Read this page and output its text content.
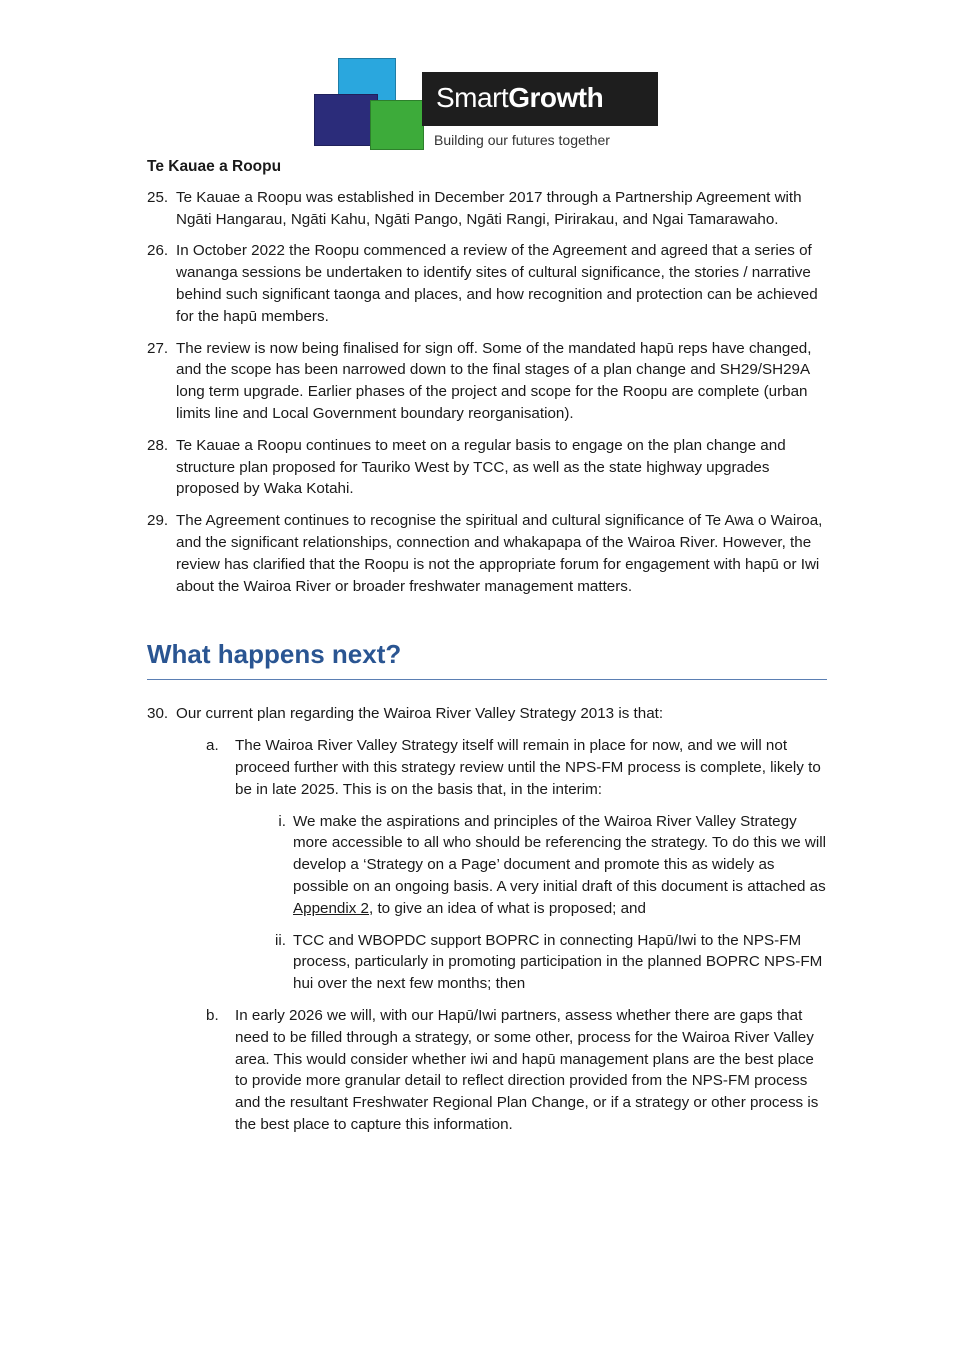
SmartGrowth
Building our futures together
Te Kauae a Roopu
25. Te Kauae a Roopu was established in December 2017 through a Partnership Agreement with Ngāti Hangarau, Ngāti Kahu, Ngāti Pango, Ngāti Rangi, Pirirakau, and Ngai Tamarawaho.
26. In October 2022 the Roopu commenced a review of the Agreement and agreed that a series of wananga sessions be undertaken to identify sites of cultural significance, the stories / narrative behind such significant taonga and places, and how recognition and protection can be achieved for the hapū members.
27. The review is now being finalised for sign off. Some of the mandated hapū reps have changed, and the scope has been narrowed down to the final stages of a plan change and SH29/SH29A long term upgrade. Earlier phases of the project and scope for the Roopu are complete (urban limits line and Local Government boundary reorganisation).
28. Te Kauae a Roopu continues to meet on a regular basis to engage on the plan change and structure plan proposed for Tauriko West by TCC, as well as the state highway upgrades proposed by Waka Kotahi.
29. The Agreement continues to recognise the spiritual and cultural significance of Te Awa o Wairoa, and the significant relationships, connection and whakapapa of the Wairoa River. However, the review has clarified that the Roopu is not the appropriate forum for engagement with hapū or Iwi about the Wairoa River or broader freshwater management matters.
What happens next?
30. Our current plan regarding the Wairoa River Valley Strategy 2013 is that:
a. The Wairoa River Valley Strategy itself will remain in place for now, and we will not proceed further with this strategy review until the NPS-FM process is complete, likely to be in late 2025. This is on the basis that, in the interim:
i. We make the aspirations and principles of the Wairoa River Valley Strategy more accessible to all who should be referencing the strategy. To do this we will develop a ‘Strategy on a Page’ document and promote this as widely as possible on an ongoing basis. A very initial draft of this document is attached as Appendix 2, to give an idea of what is proposed; and
ii. TCC and WBOPDC support BOPRC in connecting Hapū/Iwi to the NPS-FM process, particularly in promoting participation in the planned BOPRC NPS-FM hui over the next few months; then
b. In early 2026 we will, with our Hapū/Iwi partners, assess whether there are gaps that need to be filled through a strategy, or some other, process for the Wairoa River Valley area. This would consider whether iwi and hapū management plans are the best place to provide more granular detail to reflect direction provided from the NPS-FM process and the resultant Freshwater Regional Plan Change, or if a strategy or other process is the best place to capture this information.
